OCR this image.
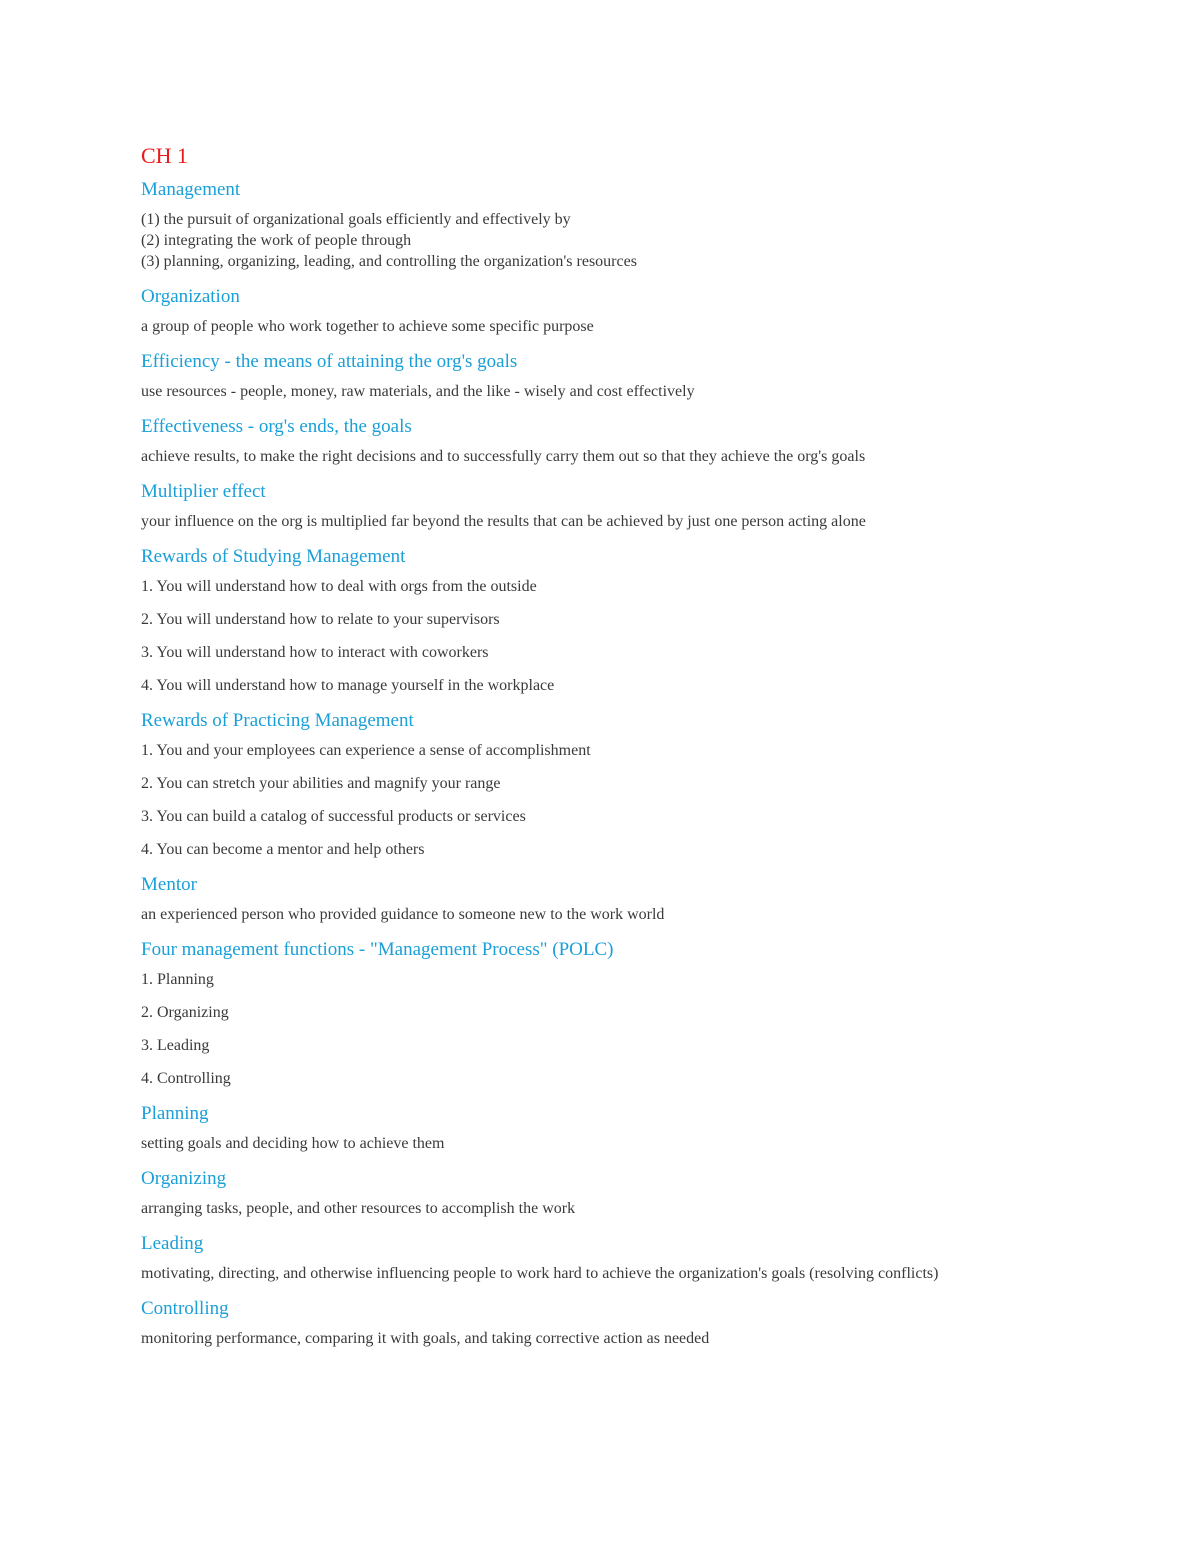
CH 1
Management
(1) the pursuit of organizational goals efficiently and effectively by
(2) integrating the work of people through
(3) planning, organizing, leading, and controlling the organization's resources
Organization
a group of people who work together to achieve some specific purpose
Efficiency - the means of attaining the org's goals
use resources - people, money, raw materials, and the like - wisely and cost effectively
Effectiveness - org's ends, the goals
achieve results, to make the right decisions and to successfully carry them out so that they achieve the org's goals
Multiplier effect
your influence on the org is multiplied far beyond the results that can be achieved by just one person acting alone
Rewards of Studying Management
1. You will understand how to deal with orgs from the outside
2. You will understand how to relate to your supervisors
3. You will understand how to interact with coworkers
4. You will understand how to manage yourself in the workplace
Rewards of Practicing Management
1. You and your employees can experience a sense of accomplishment
2. You can stretch your abilities and magnify your range
3. You can build a catalog of successful products or services
4. You can become a mentor and help others
Mentor
an experienced person who provided guidance to someone new to the work world
Four management functions - "Management Process" (POLC)
1. Planning
2. Organizing
3. Leading
4. Controlling
Planning
setting goals and deciding how to achieve them
Organizing
arranging tasks, people, and other resources to accomplish the work
Leading
motivating, directing, and otherwise influencing people to work hard to achieve the organization's goals (resolving conflicts)
Controlling
monitoring performance, comparing it with goals, and taking corrective action as needed
